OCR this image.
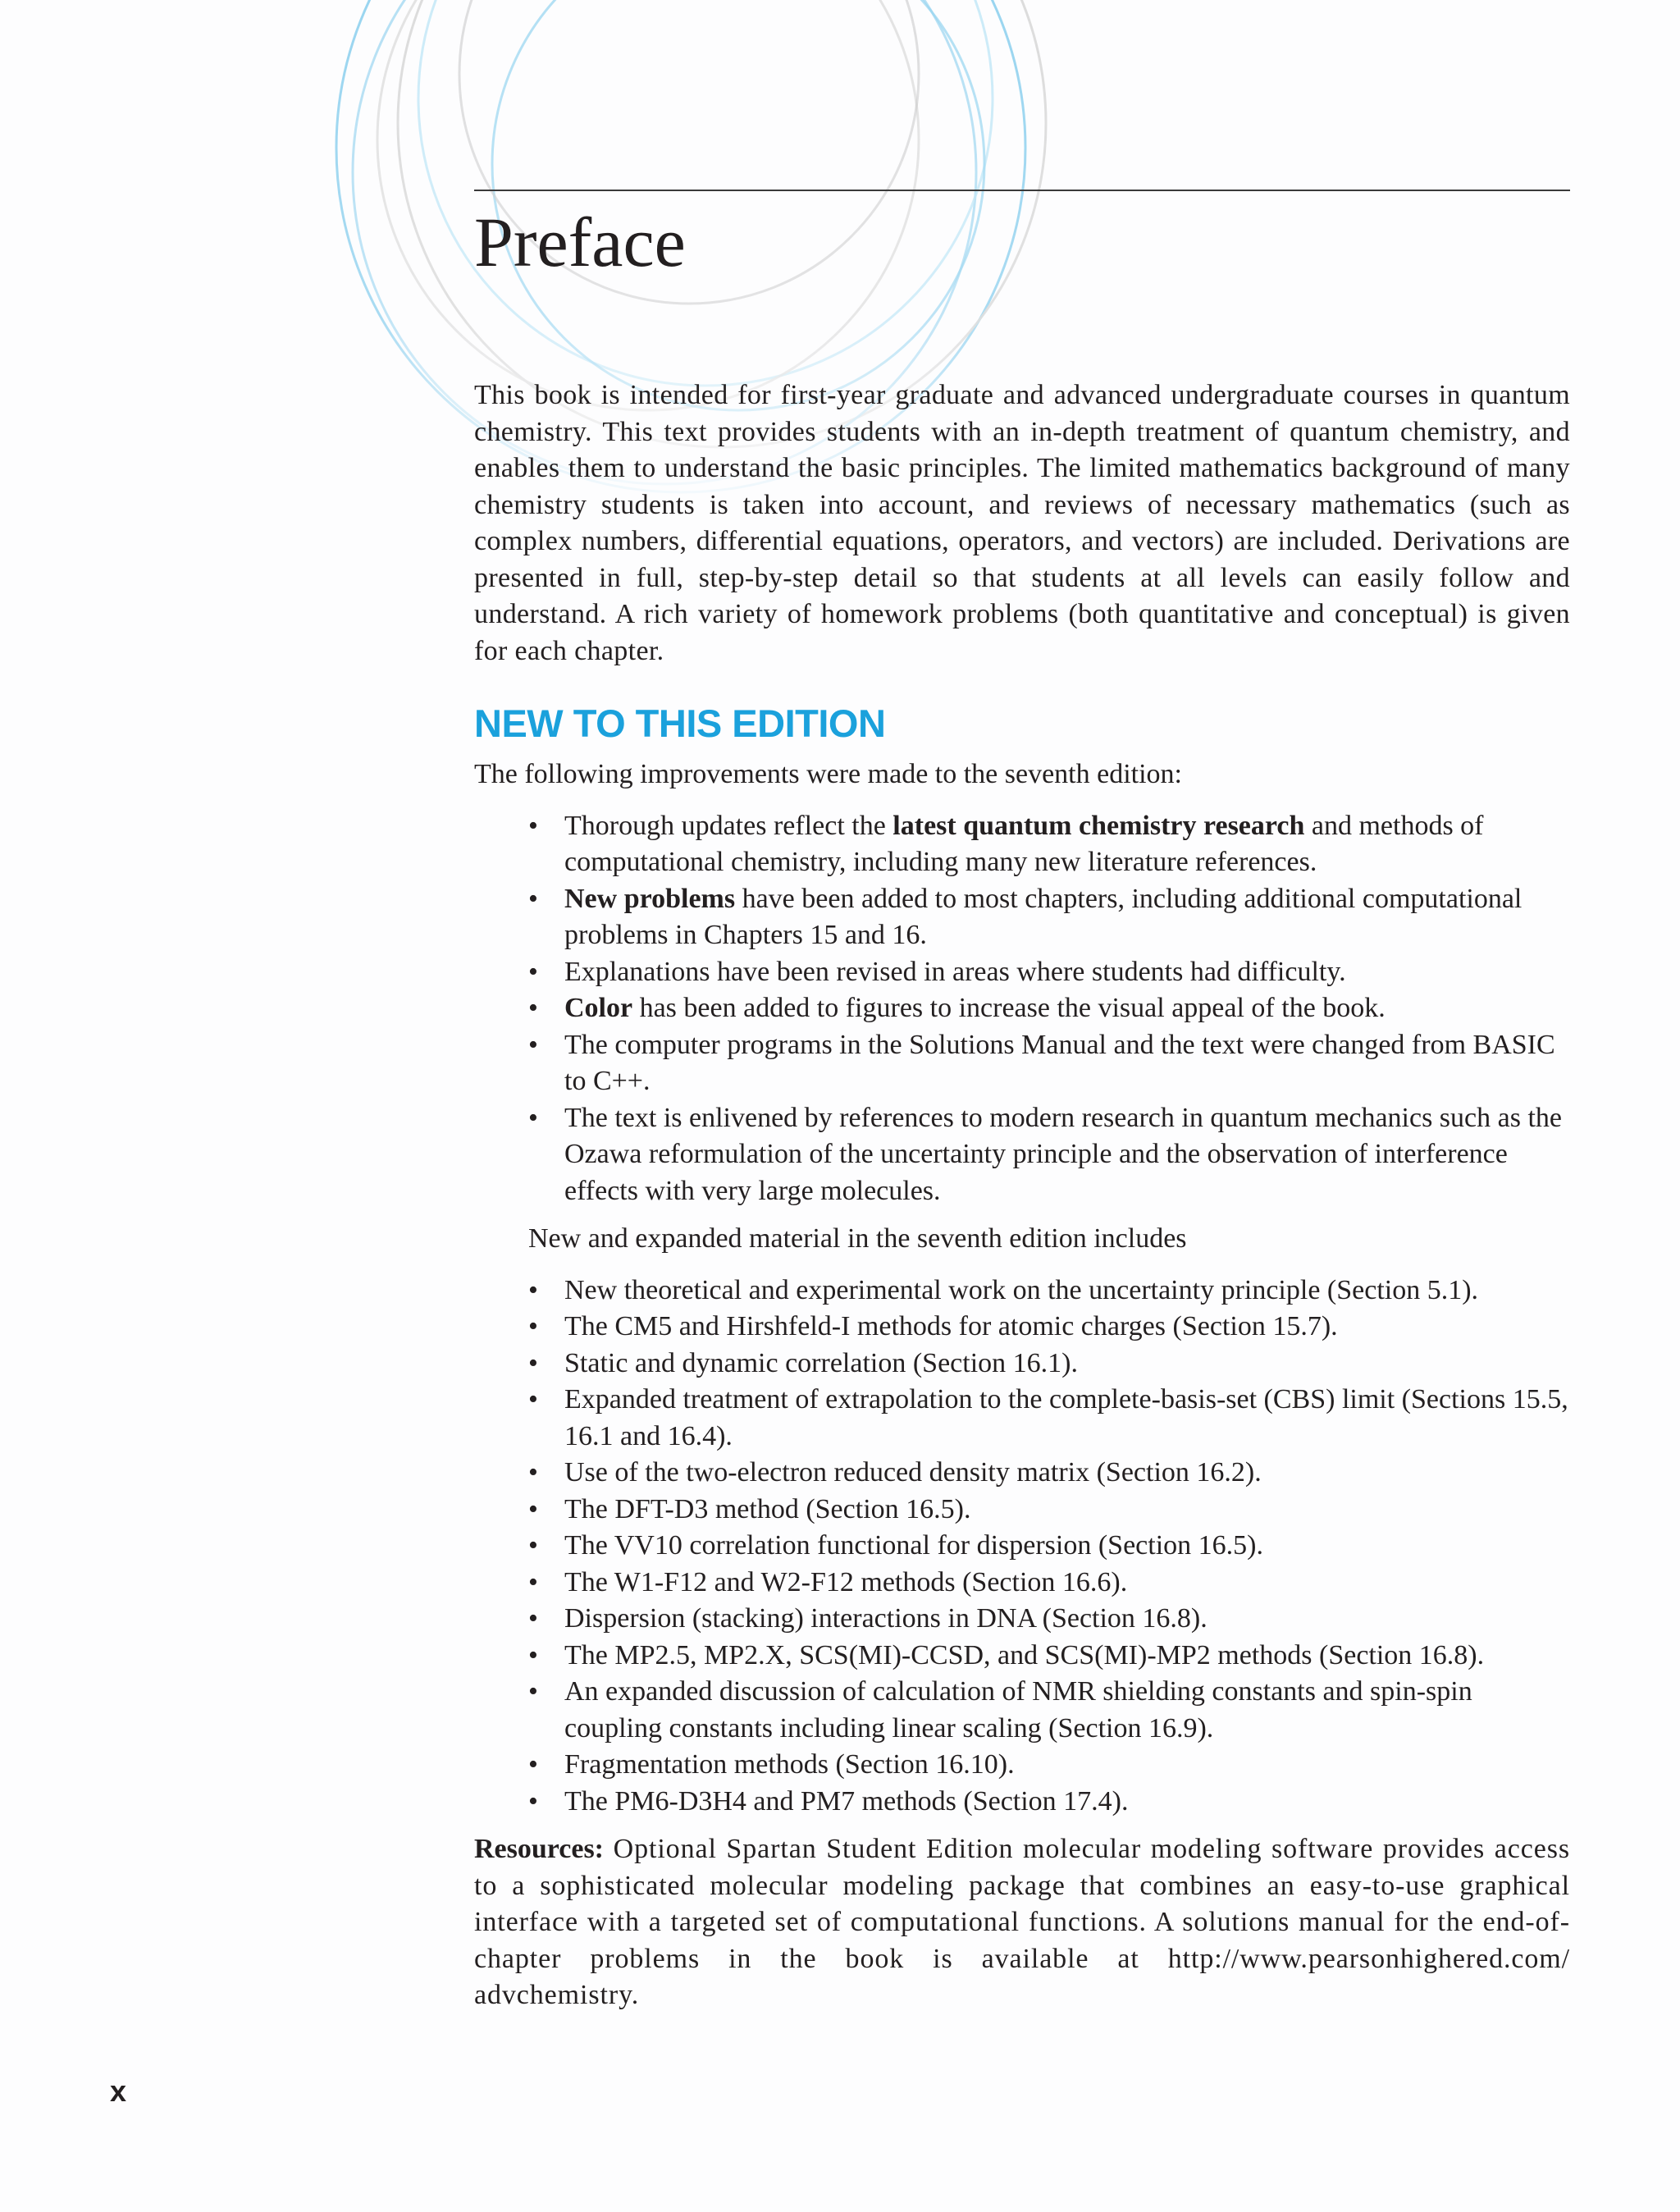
Preface

This book is intended for first-year graduate and advanced undergraduate courses in quantum chemistry. This text provides students with an in-depth treatment of quantum chemistry, and enables them to understand the basic principles. The limited mathematics background of many chemistry students is taken into account, and reviews of necessary mathematics (such as complex numbers, differential equations, operators, and vectors) are included. Derivations are presented in full, step-by-step detail so that students at all levels can easily follow and understand. A rich variety of homework problems (both quantitative and conceptual) is given for each chapter.

NEW TO THIS EDITION

The following improvements were made to the seventh edition:

• Thorough updates reflect the latest quantum chemistry research and methods of computational chemistry, including many new literature references.
• New problems have been added to most chapters, including additional computational problems in Chapters 15 and 16.
• Explanations have been revised in areas where students had difficulty.
• Color has been added to figures to increase the visual appeal of the book.
• The computer programs in the Solutions Manual and the text were changed from BASIC to C++.
• The text is enlivened by references to modern research in quantum mechanics such as the Ozawa reformulation of the uncertainty principle and the observation of interference effects with very large molecules.

New and expanded material in the seventh edition includes

• New theoretical and experimental work on the uncertainty principle (Section 5.1).
• The CM5 and Hirshfeld-I methods for atomic charges (Section 15.7).
• Static and dynamic correlation (Section 16.1).
• Expanded treatment of extrapolation to the complete-basis-set (CBS) limit (Sections 15.5, 16.1 and 16.4).
• Use of the two-electron reduced density matrix (Section 16.2).
• The DFT-D3 method (Section 16.5).
• The VV10 correlation functional for dispersion (Section 16.5).
• The W1-F12 and W2-F12 methods (Section 16.6).
• Dispersion (stacking) interactions in DNA (Section 16.8).
• The MP2.5, MP2.X, SCS(MI)-CCSD, and SCS(MI)-MP2 methods (Section 16.8).
• An expanded discussion of calculation of NMR shielding constants and spin-spin coupling constants including linear scaling (Section 16.9).
• Fragmentation methods (Section 16.10).
• The PM6-D3H4 and PM7 methods (Section 17.4).

Resources: Optional Spartan Student Edition molecular modeling software provides access to a sophisticated molecular modeling package that combines an easy-to-use graphical interface with a targeted set of computational functions. A solutions manual for the end-of-chapter problems in the book is available at http://www.pearsonhighered.com/ advchemistry.

x
